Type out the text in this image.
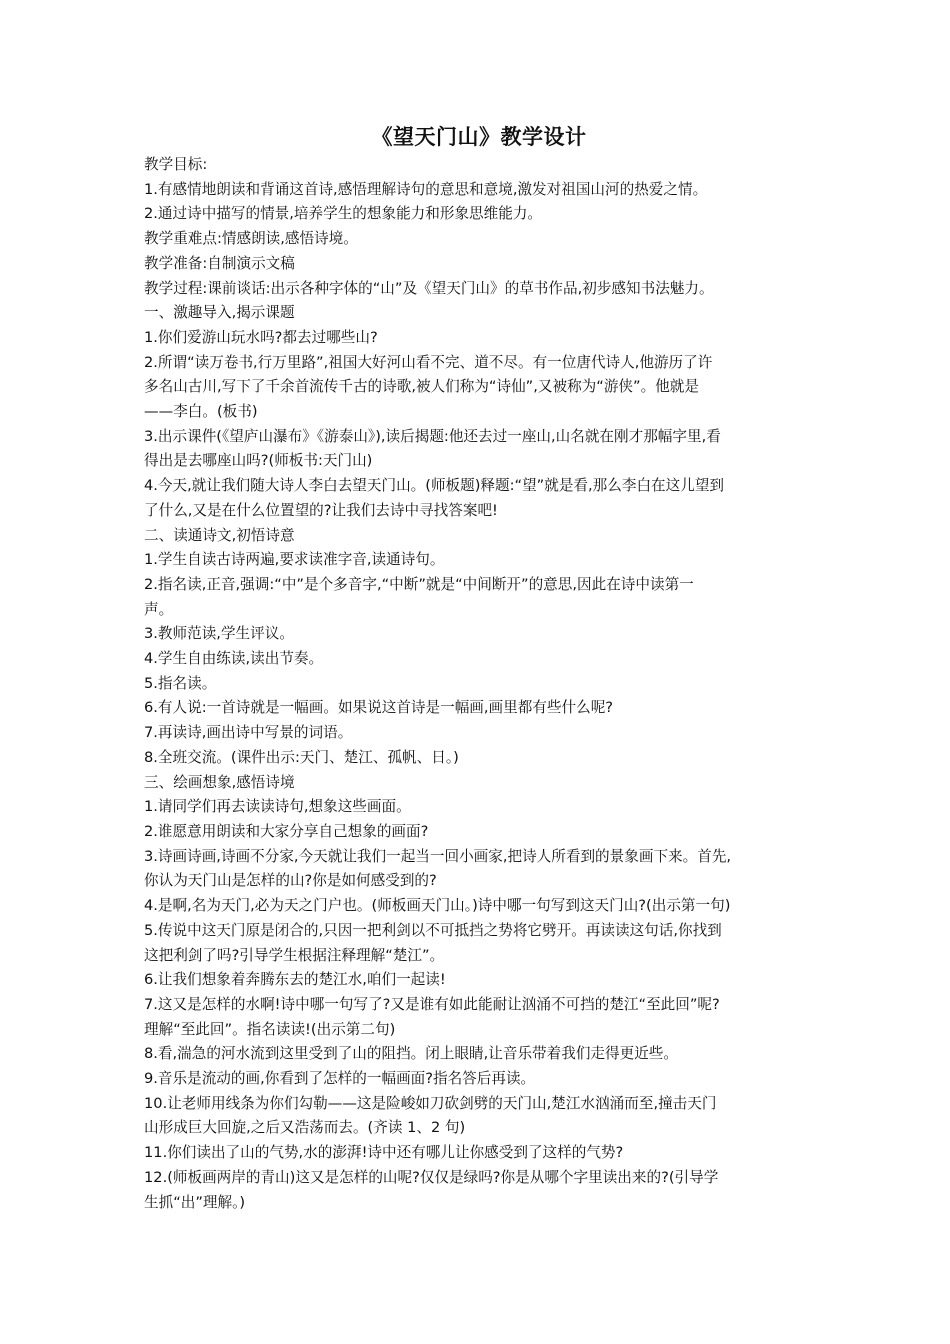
《望天门山》教学设计
教学目标:
1.有感情地朗读和背诵这首诗,感悟理解诗句的意思和意境,激发对祖国山河的热爱之情。
2.通过诗中描写的情景,培养学生的想象能力和形象思维能力。
教学重难点:情感朗读,感悟诗境。
教学准备:自制演示文稿
教学过程:课前谈话:出示各种字体的“山”及《望天门山》的草书作品,初步感知书法魅力。
一、激趣导入,揭示课题
1.你们爱游山玩水吗?都去过哪些山?
2.所谓“读万卷书,行万里路”,祖国大好河山看不完、道不尽。有一位唐代诗人,他游历了许
多名山古川,写下了千余首流传千古的诗歌,被人们称为“诗仙”,又被称为“游侠”。他就是
——李白。(板书)
3.出示课件(《望庐山瀑布》《游泰山》),读后揭题:他还去过一座山,山名就在刚才那幅字里,看
得出是去哪座山吗?(师板书:天门山)
4.今天,就让我们随大诗人李白去望天门山。(师板题)释题:“望”就是看,那么李白在这儿望到
了什么,又是在什么位置望的?让我们去诗中寻找答案吧!
二、读通诗文,初悟诗意
1.学生自读古诗两遍,要求读准字音,读通诗句。
2.指名读,正音,强调:“中”是个多音字,“中断”就是“中间断开”的意思,因此在诗中读第一
声。
3.教师范读,学生评议。
4.学生自由练读,读出节奏。
5.指名读。
6.有人说:一首诗就是一幅画。如果说这首诗是一幅画,画里都有些什么呢?
7.再读诗,画出诗中写景的词语。
8.全班交流。(课件出示:天门、楚江、孤帆、日。)
三、绘画想象,感悟诗境
1.请同学们再去读读诗句,想象这些画面。
2.谁愿意用朗读和大家分享自己想象的画面?
3.诗画诗画,诗画不分家,今天就让我们一起当一回小画家,把诗人所看到的景象画下来。首先,
你认为天门山是怎样的山?你是如何感受到的?
4.是啊,名为天门,必为天之门户也。(师板画天门山。)诗中哪一句写到这天门山?(出示第一句)
5.传说中这天门原是闭合的,只因一把利剑以不可抵挡之势将它劈开。再读读这句话,你找到
这把利剑了吗?引导学生根据注释理解“楚江”。
6.让我们想象着奔腾东去的楚江水,咱们一起读!
7.这又是怎样的水啊!诗中哪一句写了?又是谁有如此能耐让汹涌不可挡的楚江“至此回”呢?
理解“至此回”。指名读读!(出示第二句)
8.看,湍急的河水流到这里受到了山的阻挡。闭上眼睛,让音乐带着我们走得更近些。
9.音乐是流动的画,你看到了怎样的一幅画面?指名答后再读。
10.让老师用线条为你们勾勒——这是险峻如刀砍剑劈的天门山,楚江水汹涌而至,撞击天门
山形成巨大回旋,之后又浩荡而去。(齐读 1、2 句)
11.你们读出了山的气势,水的澎湃!诗中还有哪儿让你感受到了这样的气势?
12.(师板画两岸的青山)这又是怎样的山呢?仅仅是绿吗?你是从哪个字里读出来的?(引导学
生抓“出”理解。)
